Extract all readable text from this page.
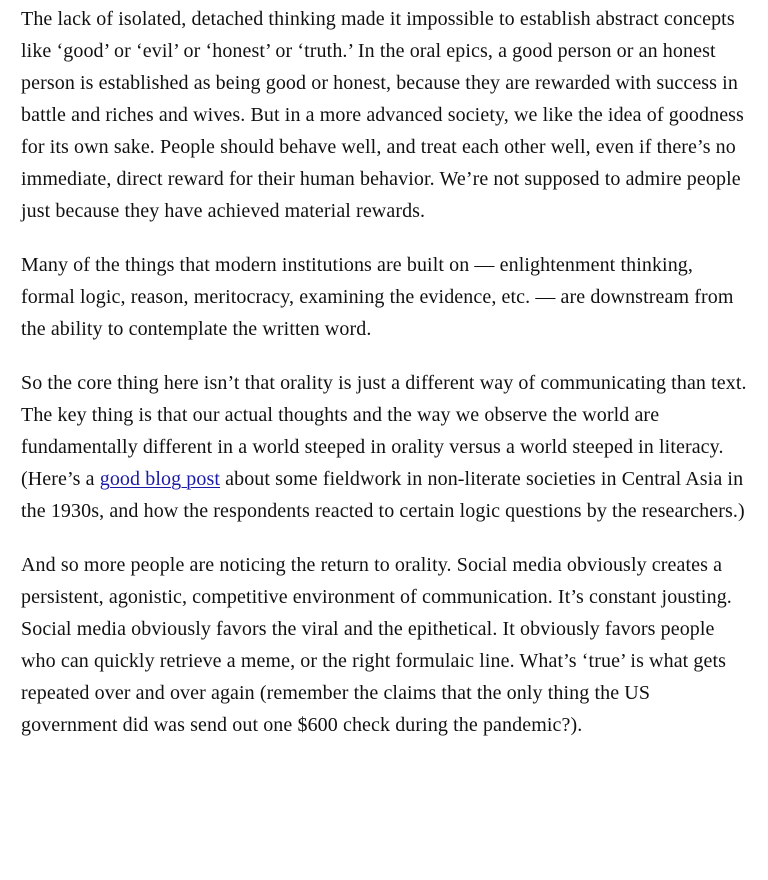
The lack of isolated, detached thinking made it impossible to establish abstract concepts like ‘good’ or ‘evil’ or ‘honest’ or ‘truth.’ In the oral epics, a good person or an honest person is established as being good or honest, because they are rewarded with success in battle and riches and wives. But in a more advanced society, we like the idea of goodness for its own sake. People should behave well, and treat each other well, even if there’s no immediate, direct reward for their human behavior. We’re not supposed to admire people just because they have achieved material rewards.

Many of the things that modern institutions are built on — enlightenment thinking, formal logic, reason, meritocracy, examining the evidence, etc. — are downstream from the ability to contemplate the written word.

So the core thing here isn’t that orality is just a different way of communicating than text. The key thing is that our actual thoughts and the way we observe the world are fundamentally different in a world steeped in orality versus a world steeped in literacy. (Here’s a good blog post about some fieldwork in non-literate societies in Central Asia in the 1930s, and how the respondents reacted to certain logic questions by the researchers.)

And so more people are noticing the return to orality. Social media obviously creates a persistent, agonistic, competitive environment of communication. It’s constant jousting. Social media obviously favors the viral and the epithetical. It obviously favors people who can quickly retrieve a meme, or the right formulaic line. What’s ‘true’ is what gets repeated over and over again (remember the claims that the only thing the US government did was send out one $600 check during the pandemic?).
